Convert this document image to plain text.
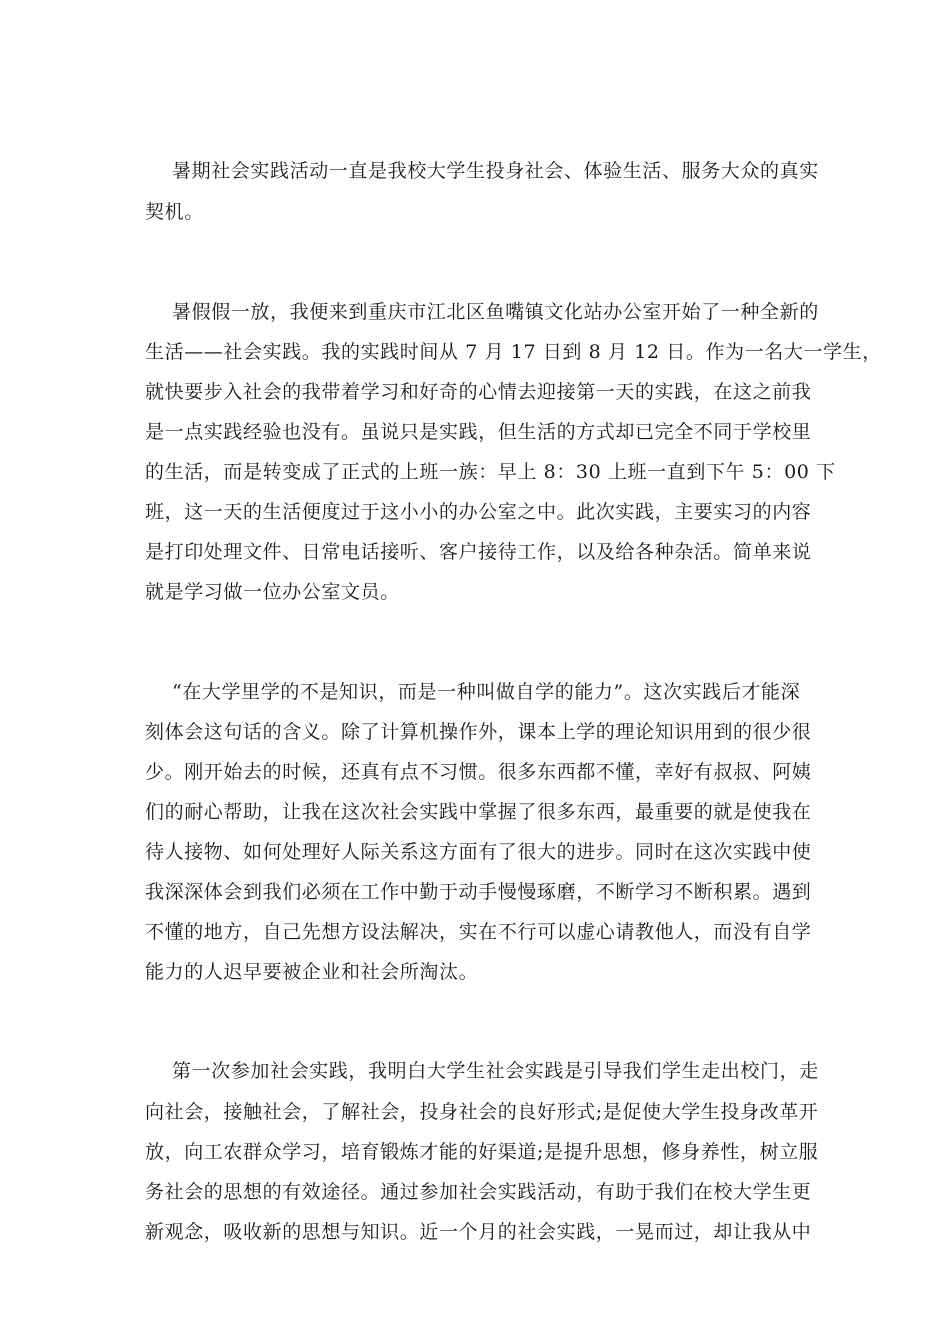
暑期社会实践活动一直是我校大学生投身社会、体验生活、服务大众的真实
契机。
暑假假一放，我便来到重庆市江北区鱼嘴镇文化站办公室开始了一种全新的
生活——社会实践。我的实践时间从 7 月 17 日到 8 月 12 日。作为一名大一学生，
就快要步入社会的我带着学习和好奇的心情去迎接第一天的实践，在这之前我
是一点实践经验也没有。虽说只是实践，但生活的方式却已完全不同于学校里
的生活，而是转变成了正式的上班一族：早上 8：30 上班一直到下午 5：00 下
班，这一天的生活便度过于这小小的办公室之中。此次实践，主要实习的内容
是打印处理文件、日常电话接听、客户接待工作，以及给各种杂活。简单来说
就是学习做一位办公室文员。
“在大学里学的不是知识，而是一种叫做自学的能力”。这次实践后才能深
刻体会这句话的含义。除了计算机操作外，课本上学的理论知识用到的很少很
少。刚开始去的时候，还真有点不习惯。很多东西都不懂，幸好有叔叔、阿姨
们的耐心帮助，让我在这次社会实践中掌握了很多东西，最重要的就是使我在
待人接物、如何处理好人际关系这方面有了很大的进步。同时在这次实践中使
我深深体会到我们必须在工作中勤于动手慢慢琢磨，不断学习不断积累。遇到
不懂的地方，自己先想方设法解决，实在不行可以虚心请教他人，而没有自学
能力的人迟早要被企业和社会所淘汰。
第一次参加社会实践，我明白大学生社会实践是引导我们学生走出校门，走
向社会，接触社会，了解社会，投身社会的良好形式;是促使大学生投身改革开
放，向工农群众学习，培育锻炼才能的好渠道;是提升思想，修身养性，树立服
务社会的思想的有效途径。通过参加社会实践活动，有助于我们在校大学生更
新观念，吸收新的思想与知识。近一个月的社会实践，一晃而过，却让我从中
